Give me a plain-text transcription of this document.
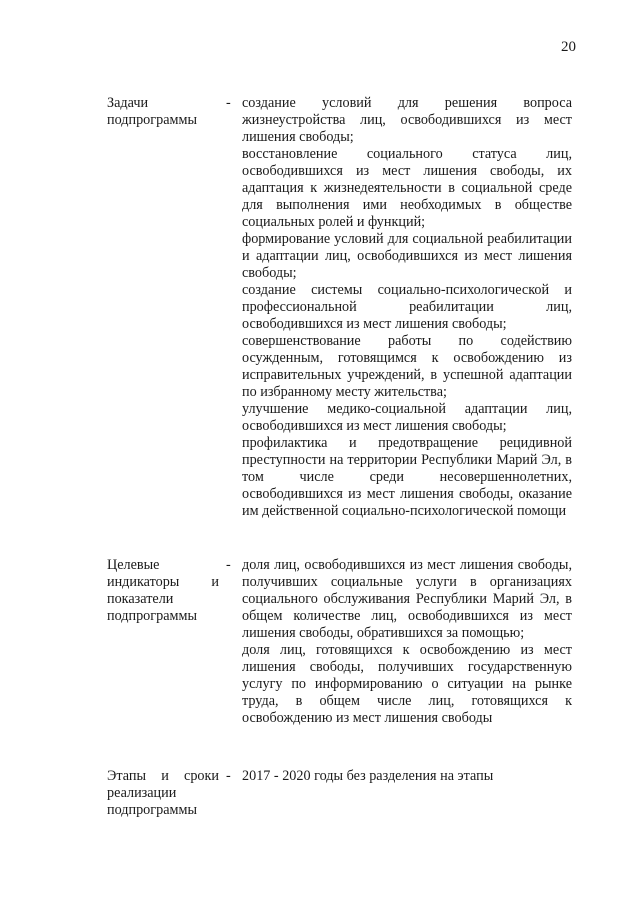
20
Задачи
подпрограммы
- создание условий для решения вопроса жизнеустройства лиц, освободившихся из мест лишения свободы;

восстановление социального статуса лиц, освободившихся из мест лишения свободы, их адаптация к жизнедеятельности в социальной среде для выполнения ими необходимых в обществе социальных ролей и функций;

формирование условий для социальной реабилитации и адаптации лиц, освободившихся из мест лишения свободы;

создание системы социально-психологической и профессиональной реабилитации лиц, освободившихся из мест лишения свободы;

совершенствование работы по содействию осужденным, готовящимся к освобождению из исправительных учреждений, в успешной адаптации по избранному месту жительства;

улучшение медико-социальной адаптации лиц, освободившихся из мест лишения свободы;

профилактика и предотвращение рецидивной преступности на территории Республики Марий Эл, в том числе среди несовершеннолетних, освободившихся из мест лишения свободы, оказание им действенной социально-психологической помощи

Целевые
индикаторы и
показатели
подпрограммы
- доля лиц, освободившихся из мест лишения свободы, получивших социальные услуги в организациях социального обслуживания Республики Марий Эл, в общем количестве лиц, освободившихся из мест лишения свободы, обратившихся за помощью;

доля лиц, готовящихся к освобождению из мест лишения свободы, получивших государственную услугу по информированию о ситуации на рынке труда, в общем числе лиц, готовящихся к освобождению из мест лишения свободы

Этапы и сроки
реализации
подпрограммы
- 2017 - 2020 годы без разделения на этапы
